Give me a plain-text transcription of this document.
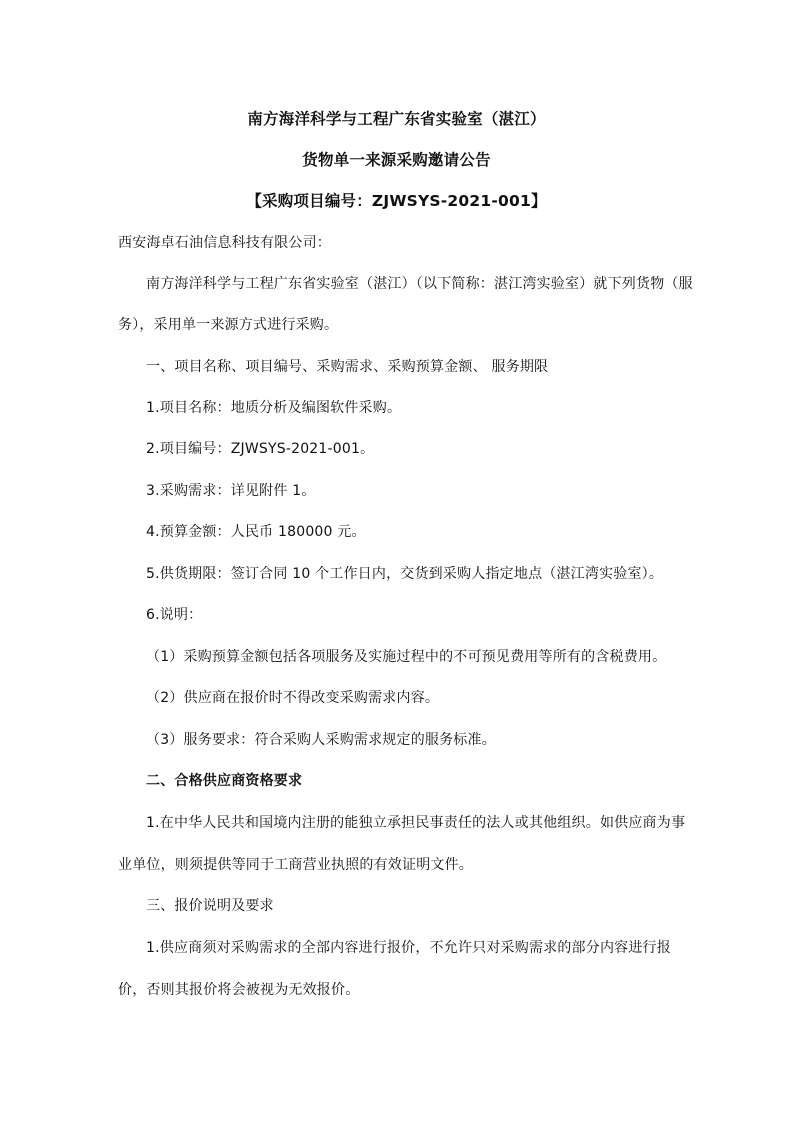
南方海洋科学与工程广东省实验室（湛江）
货物单一来源采购邀请公告
【采购项目编号：ZJWSYS-2021-001】
西安海卓石油信息科技有限公司：
南方海洋科学与工程广东省实验室（湛江）（以下简称：湛江湾实验室）就下列货物（服
务），采用单一来源方式进行采购。
一、项目名称、项目编号、采购需求、采购预算金额、 服务期限
1.项目名称：地质分析及编图软件采购。
2.项目编号：ZJWSYS-2021-001。
3.采购需求：详见附件 1。
4.预算金额：人民币 180000 元。
5.供货期限：签订合同 10 个工作日内，交货到采购人指定地点（湛江湾实验室）。
6.说明：
（1）采购预算金额包括各项服务及实施过程中的不可预见费用等所有的含税费用。
（2）供应商在报价时不得改变采购需求内容。
（3）服务要求：符合采购人采购需求规定的服务标准。
二、合格供应商资格要求
1.在中华人民共和国境内注册的能独立承担民事责任的法人或其他组织。如供应商为事
业单位，则须提供等同于工商营业执照的有效证明文件。
三、报价说明及要求
1.供应商须对采购需求的全部内容进行报价，不允许只对采购需求的部分内容进行报
价，否则其报价将会被视为无效报价。
